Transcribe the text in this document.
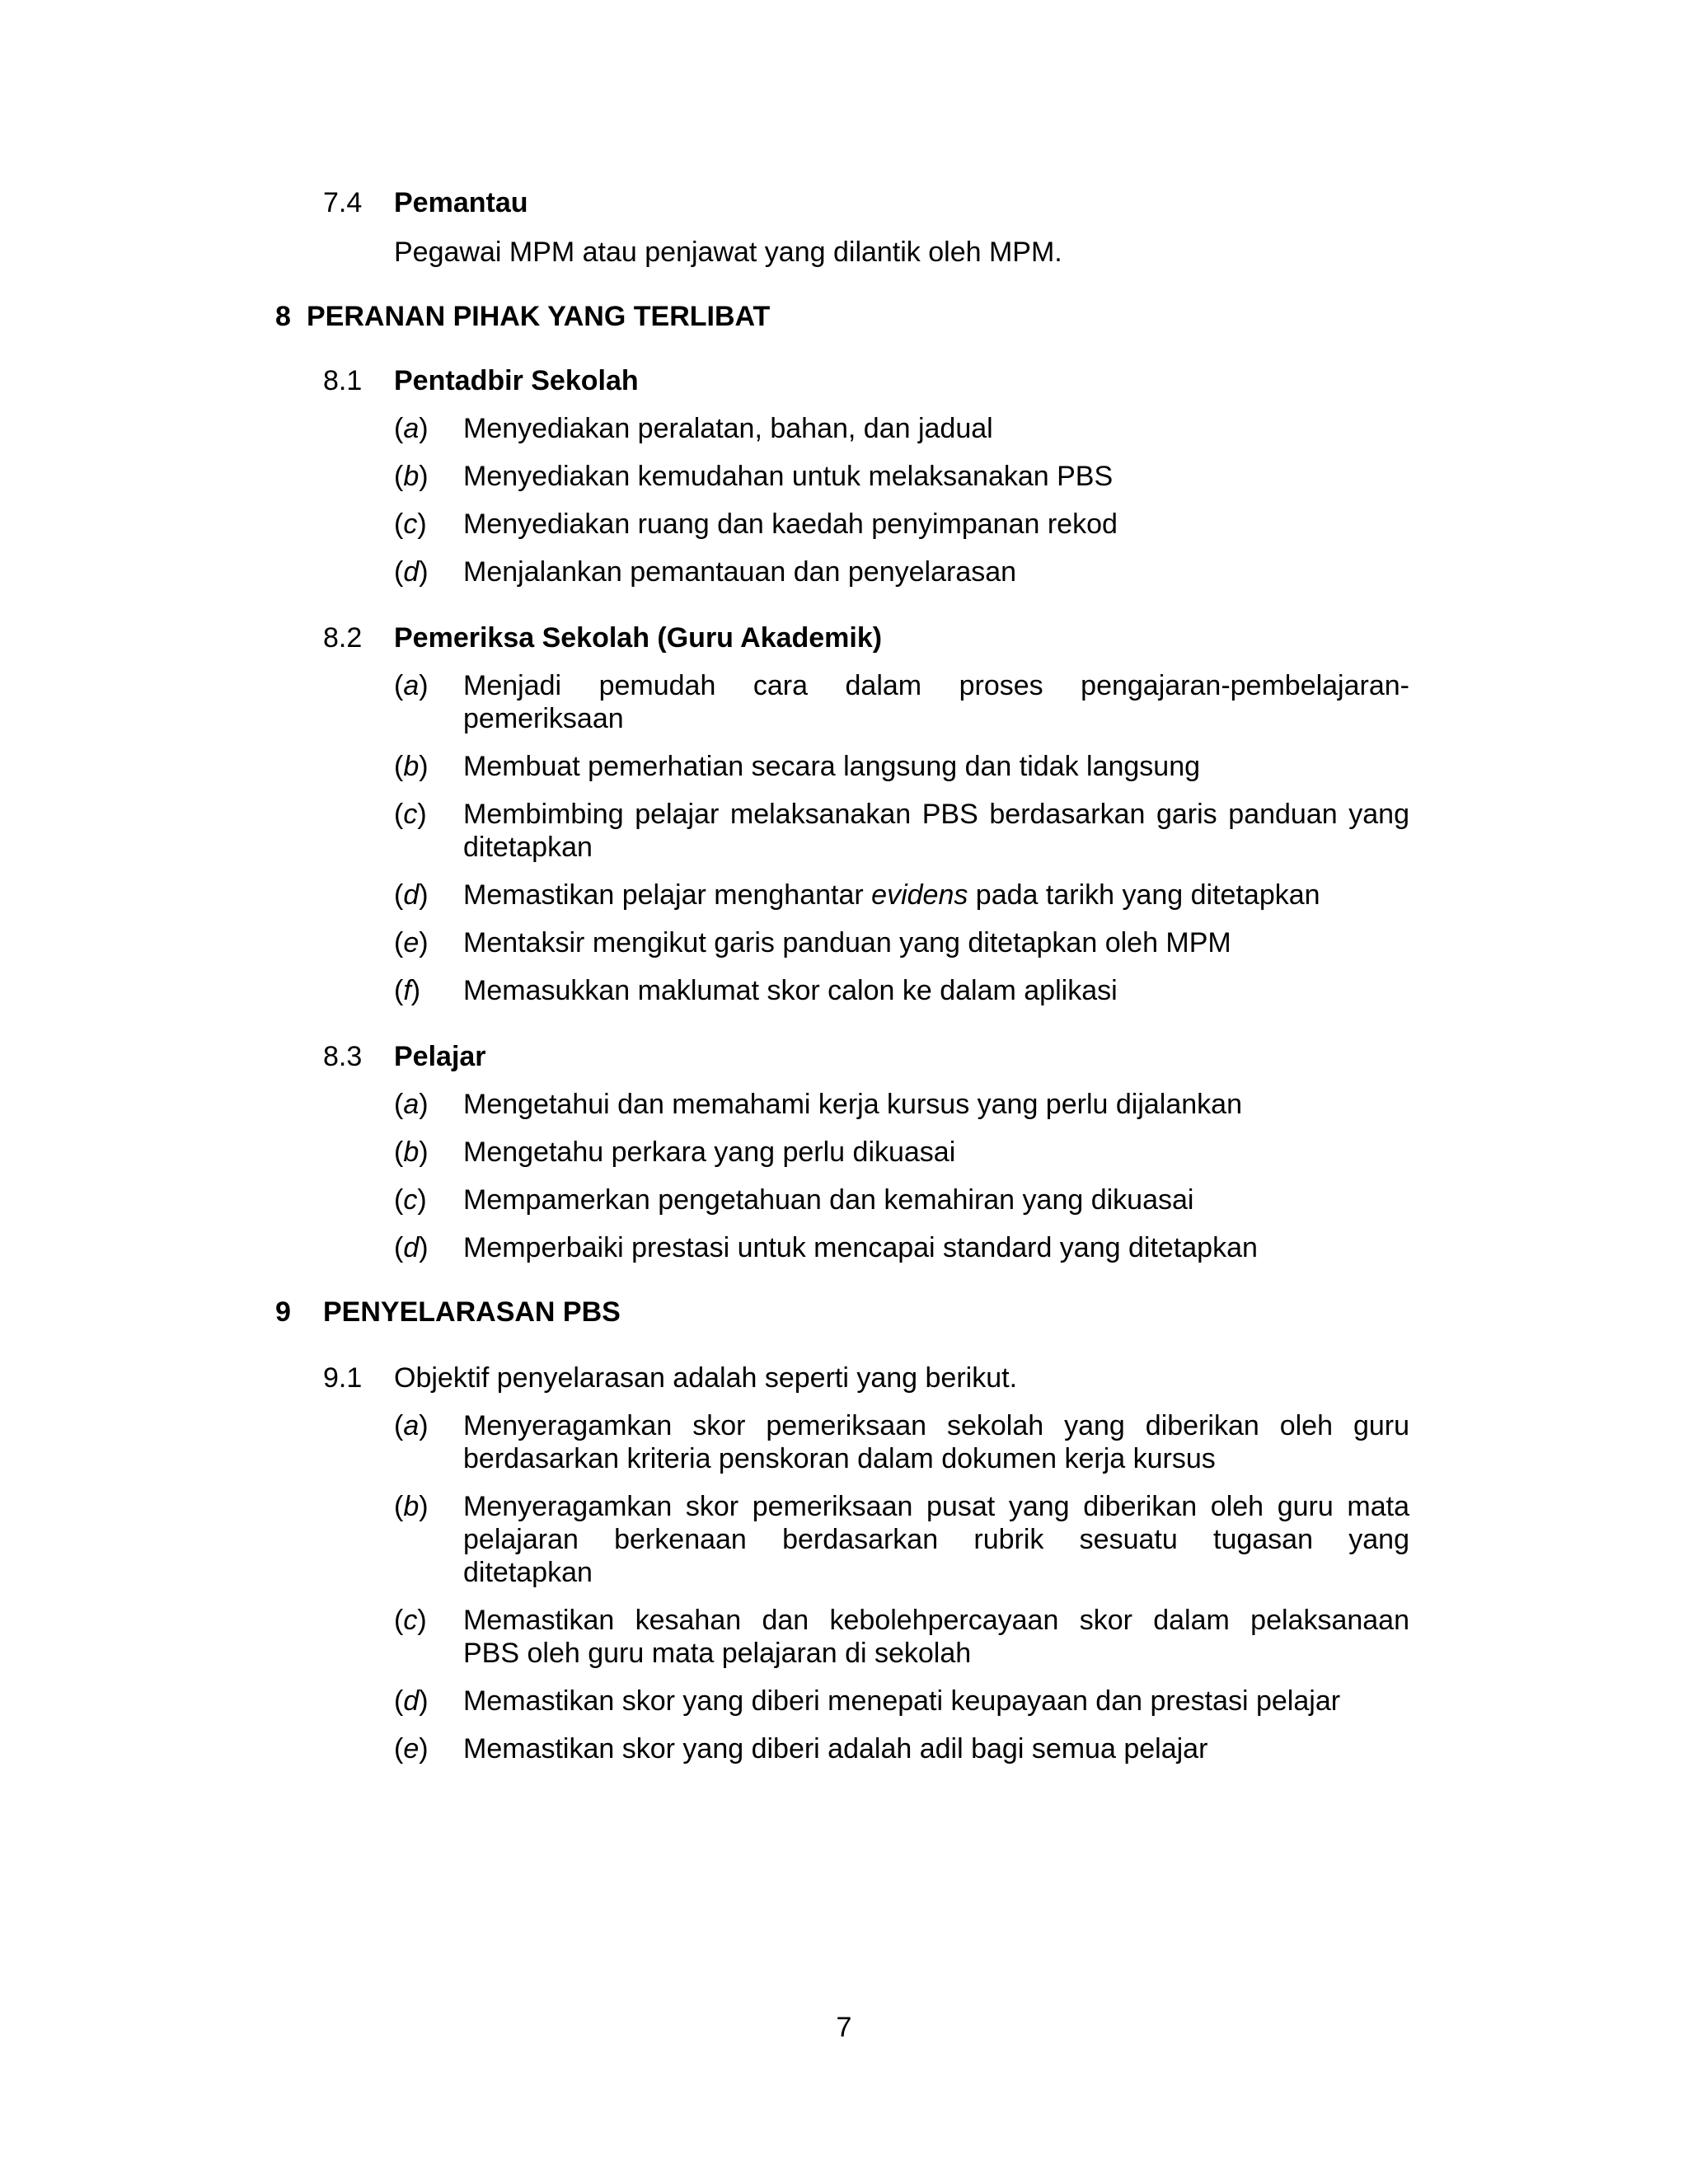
7.4 Pemantau
Pegawai MPM atau penjawat yang dilantik oleh MPM.
8 PERANAN PIHAK YANG TERLIBAT
8.1 Pentadbir Sekolah
(a) Menyediakan peralatan, bahan, dan jadual
(b) Menyediakan kemudahan untuk melaksanakan PBS
(c) Menyediakan ruang dan kaedah penyimpanan rekod
(d) Menjalankan pemantauan dan penyelarasan
8.2 Pemeriksa Sekolah (Guru Akademik)
(a) Menjadi pemudah cara dalam proses pengajaran-pembelajaran-
pemeriksaan
(b) Membuat pemerhatian secara langsung dan tidak langsung
(c) Membimbing pelajar melaksanakan PBS berdasarkan garis panduan yang
ditetapkan
(d) Memastikan pelajar menghantar evidens pada tarikh yang ditetapkan
(e) Mentaksir mengikut garis panduan yang ditetapkan oleh MPM
(f) Memasukkan maklumat skor calon ke dalam aplikasi
8.3 Pelajar
(a) Mengetahui dan memahami kerja kursus yang perlu dijalankan
(b) Mengetahu perkara yang perlu dikuasai
(c) Mempamerkan pengetahuan dan kemahiran yang dikuasai
(d) Memperbaiki prestasi untuk mencapai standard yang ditetapkan
9 PENYELARASAN PBS
9.1 Objektif penyelarasan adalah seperti yang berikut.
(a) Menyeragamkan skor pemeriksaan sekolah yang diberikan oleh guru
berdasarkan kriteria penskoran dalam dokumen kerja kursus
(b) Menyeragamkan skor pemeriksaan pusat yang diberikan oleh guru mata
pelajaran berkenaan berdasarkan rubrik sesuatu tugasan yang
ditetapkan
(c) Memastikan kesahan dan kebolehpercayaan skor dalam pelaksanaan
PBS oleh guru mata pelajaran di sekolah
(d) Memastikan skor yang diberi menepati keupayaan dan prestasi pelajar
(e) Memastikan skor yang diberi adalah adil bagi semua pelajar
7
